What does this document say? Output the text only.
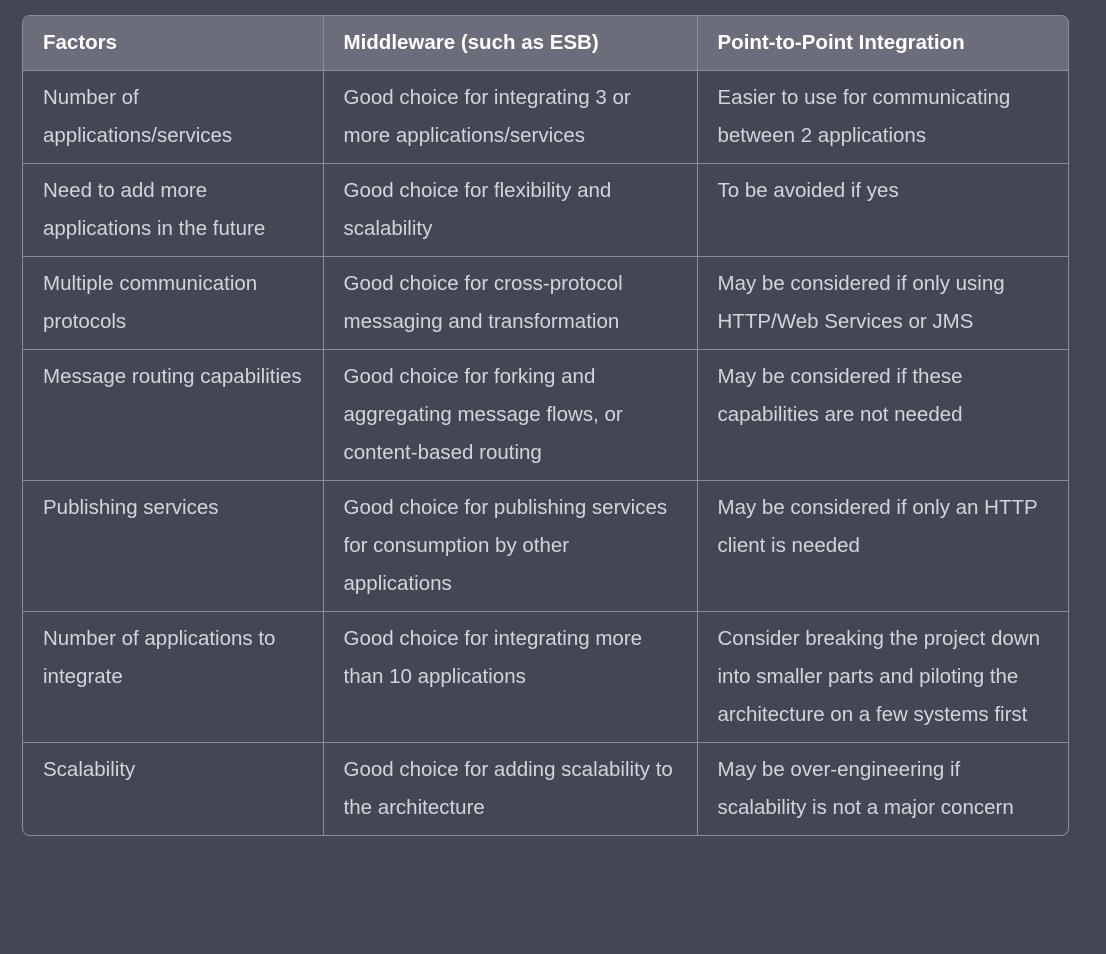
Factors	Middleware (such as ESB)	Point-to-Point Integration
Number of applications/services	Good choice for integrating 3 or more applications/services	Easier to use for communicating between 2 applications
Need to add more applications in the future	Good choice for flexibility and scalability	To be avoided if yes
Multiple communication protocols	Good choice for cross-protocol messaging and transformation	May be considered if only using HTTP/Web Services or JMS
Message routing capabilities	Good choice for forking and aggregating message flows, or content-based routing	May be considered if these capabilities are not needed
Publishing services	Good choice for publishing services for consumption by other applications	May be considered if only an HTTP client is needed
Number of applications to integrate	Good choice for integrating more than 10 applications	Consider breaking the project down into smaller parts and piloting the architecture on a few systems first
Scalability	Good choice for adding scalability to the architecture	May be over-engineering if scalability is not a major concern
